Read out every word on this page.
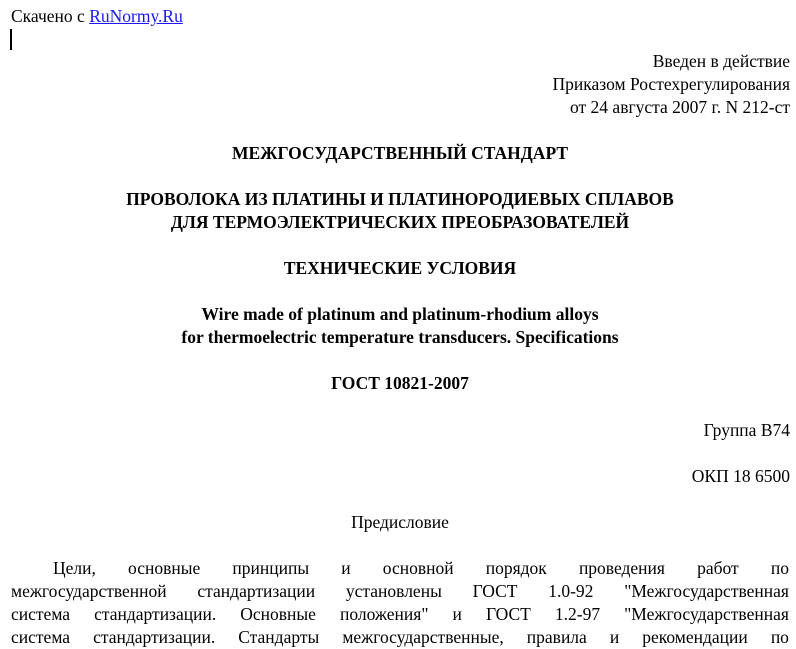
Скачено с RuNormy.Ru
Введен в действие
Приказом Ростехрегулирования
от 24 августа 2007 г. N 212-ст
МЕЖГОСУДАРСТВЕННЫЙ СТАНДАРТ
ПРОВОЛОКА ИЗ ПЛАТИНЫ И ПЛАТИНОРОДИЕВЫХ СПЛАВОВ
ДЛЯ ТЕРМОЭЛЕКТРИЧЕСКИХ ПРЕОБРАЗОВАТЕЛЕЙ
ТЕХНИЧЕСКИЕ УСЛОВИЯ
Wire made of platinum and platinum-rhodium alloys
for thermoelectric temperature transducers. Specifications
ГОСТ 10821-2007
Группа В74
ОКП 18 6500
Предисловие
Цели, основные принципы и основной порядок проведения работ по
межгосударственной стандартизации установлены ГОСТ 1.0-92 "Межгосударственная
система стандартизации. Основные положения" и ГОСТ 1.2-97 "Межгосударственная
система стандартизации. Стандарты межгосударственные, правила и рекомендации по
